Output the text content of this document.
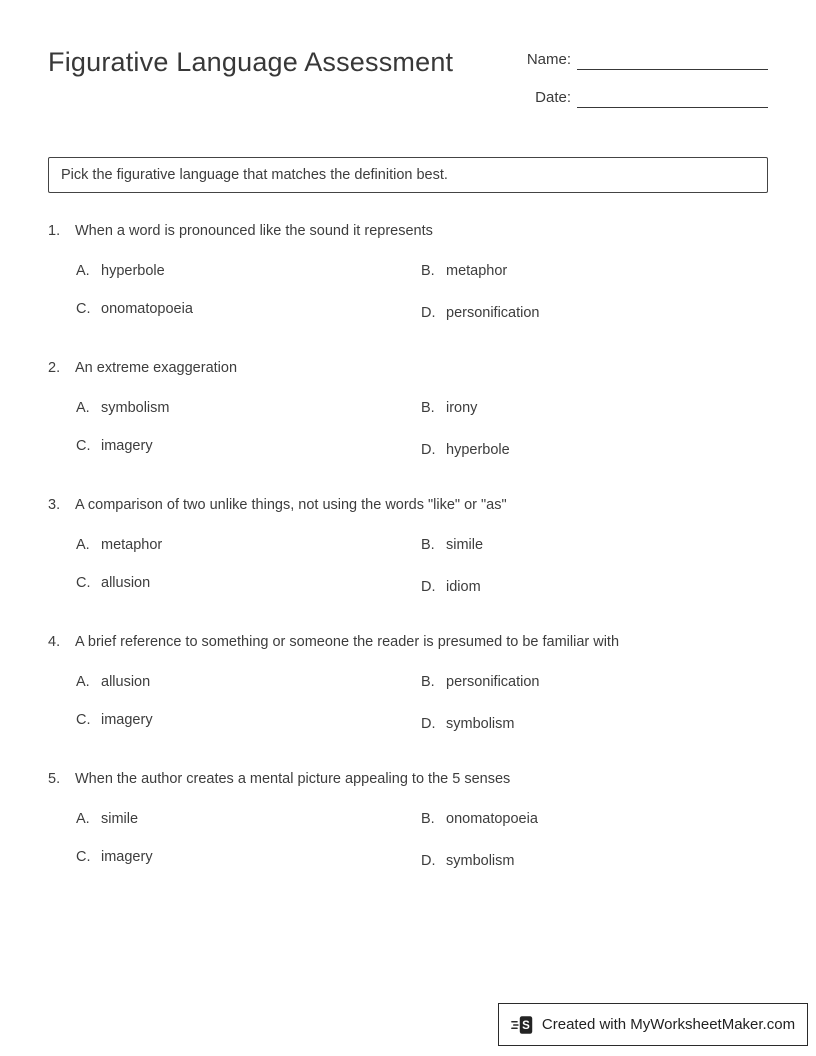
Figurative Language Assessment	Name:
Date:
Pick the figurative language that matches the definition best.
1.	When a word is pronounced like the sound it represents
A. hyperbole	B. metaphor
C. onomatopoeia	D. personification
2.	An extreme exaggeration
A. symbolism	B. irony
C. imagery	D. hyperbole
3.	A comparison of two unlike things, not using the words "like" or "as"
A. metaphor	B. simile
C. allusion	D. idiom
4.	A brief reference to something or someone the reader is presumed to be familiar with
A. allusion	B. personification
C. imagery	D. symbolism
5.	When the author creates a mental picture appealing to the 5 senses
A. simile	B. onomatopoeia
C. imagery	D. symbolism
S Created with MyWorksheetMaker.com
